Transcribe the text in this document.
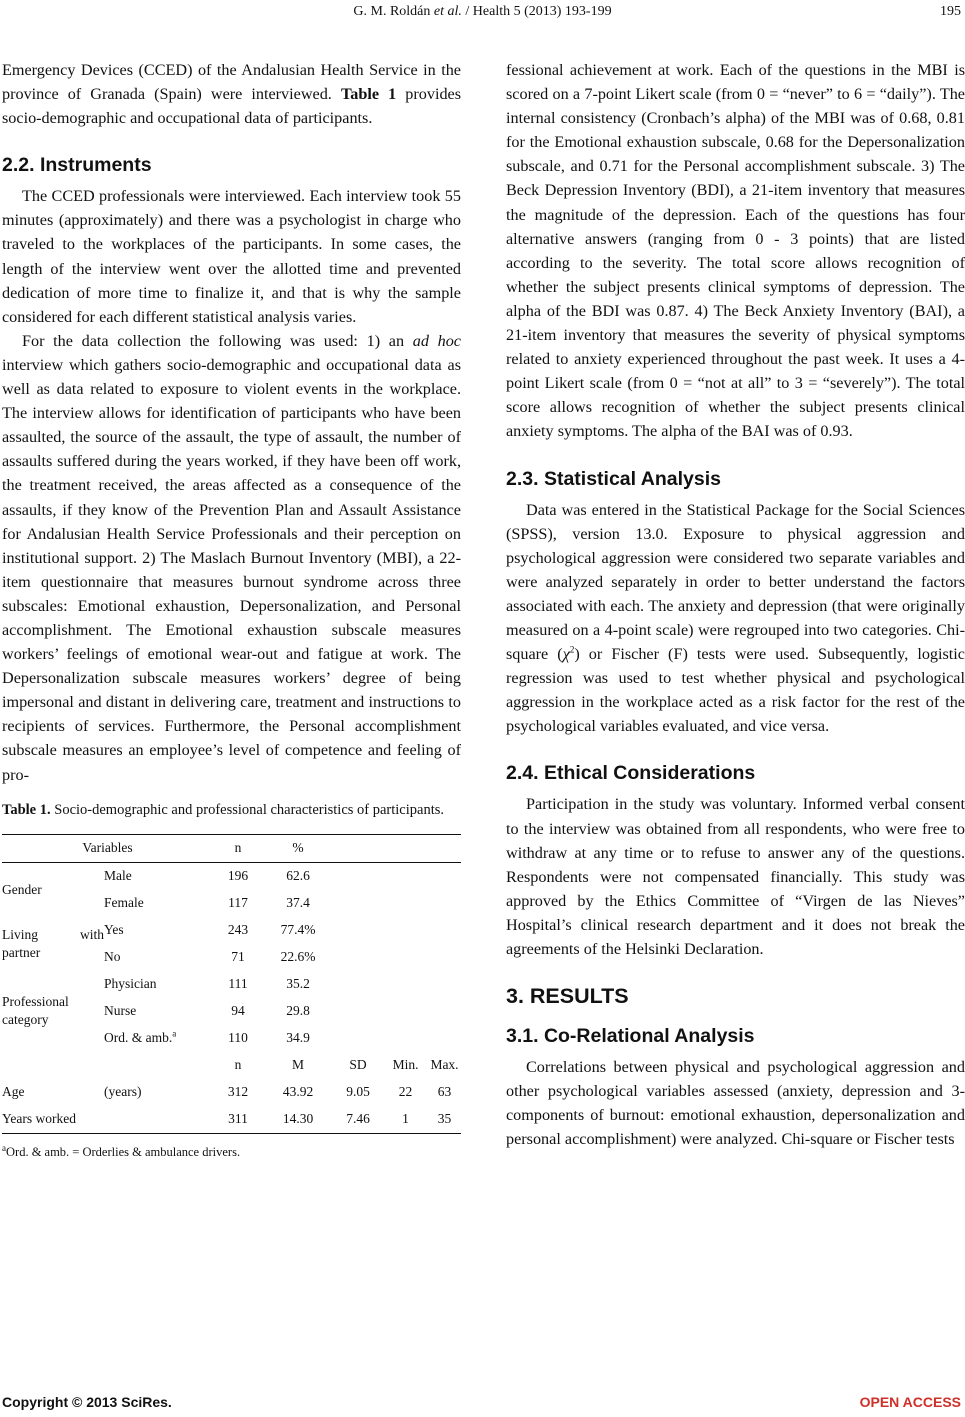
G. M. Roldán et al. / Health 5 (2013) 193-199	195

Emergency Devices (CCED) of the Andalusian Health Service in the province of Granada (Spain) were interviewed. Table 1 provides socio-demographic and occupational data of participants.

2.2. Instruments

The CCED professionals were interviewed. Each interview took 55 minutes (approximately) and there was a psychologist in charge who traveled to the workplaces of the participants. In some cases, the length of the interview went over the allotted time and prevented dedication of more time to finalize it, and that is why the sample considered for each different statistical analysis varies.

For the data collection the following was used: 1) an ad hoc interview which gathers socio-demographic and occupational data as well as data related to exposure to violent events in the workplace. The interview allows for identification of participants who have been assaulted, the source of the assault, the type of assault, the number of assaults suffered during the years worked, if they have been off work, the treatment received, the areas affected as a consequence of the assaults, if they know of the Prevention Plan and Assault Assistance for Andalusian Health Service Professionals and their perception on institutional support. 2) The Maslach Burnout Inventory (MBI), a 22-item questionnaire that measures burnout syndrome across three subscales: Emotional exhaustion, Depersonalization, and Personal accomplishment. The Emotional exhaustion subscale measures workers’ feelings of emotional wear-out and fatigue at work. The Depersonalization subscale measures workers’ degree of being impersonal and distant in delivering care, treatment and instructions to recipients of services. Furthermore, the Personal accomplishment subscale measures an employee’s level of competence and feeling of pro-

Table 1. Socio-demographic and professional characteristics of participants.
Variables		n	%			
Gender	Male	196	62.6			
	Female	117	37.4			
Living with partner	Yes	243	77.4%			
	No	71	22.6%			
Professional category	Physician	111	35.2			
	Nurse	94	29.8			
	Ord. & amb.$^a$	110	34.9			
		n	M	SD	Min.	Max.
Age	(years)	312	43.92	9.05	22	63
Years worked		311	14.30	7.46	1	35
$^a$Ord. & amb. = Orderlies & ambulance drivers.

fessional achievement at work. Each of the questions in the MBI is scored on a 7-point Likert scale (from 0 = “never” to 6 = “daily”). The internal consistency (Cronbach’s alpha) of the MBI was of 0.68, 0.81 for the Emotional exhaustion subscale, 0.68 for the Depersonalization subscale, and 0.71 for the Personal accomplishment subscale. 3) The Beck Depression Inventory (BDI), a 21-item inventory that measures the magnitude of the depression. Each of the questions has four alternative answers (ranging from 0 - 3 points) that are listed according to the severity. The total score allows recognition of whether the subject presents clinical symptoms of depression. The alpha of the BDI was 0.87. 4) The Beck Anxiety Inventory (BAI), a 21-item inventory that measures the severity of physical symptoms related to anxiety experienced throughout the past week. It uses a 4-point Likert scale (from 0 = “not at all” to 3 = “severely”). The total score allows recognition of whether the subject presents clinical anxiety symptoms. The alpha of the BAI was of 0.93.

2.3. Statistical Analysis

Data was entered in the Statistical Package for the Social Sciences (SPSS), version 13.0. Exposure to physical aggression and psychological aggression were considered two separate variables and were analyzed separately in order to better understand the factors associated with each. The anxiety and depression (that were originally measured on a 4-point scale) were regrouped into two categories. Chi-square $(\chi^2)$ or Fischer (F) tests were used. Subsequently, logistic regression was used to test whether physical and psychological aggression in the workplace acted as a risk factor for the rest of the psychological variables evaluated, and vice versa.

2.4. Ethical Considerations

Participation in the study was voluntary. Informed verbal consent to the interview was obtained from all respondents, who were free to withdraw at any time or to refuse to answer any of the questions. Respondents were not compensated financially. This study was approved by the Ethics Committee of “Virgen de las Nieves” Hospital’s clinical research department and it does not break the agreements of the Helsinki Declaration.

3. RESULTS
3.1. Co-Relational Analysis

Correlations between physical and psychological aggression and other psychological variables assessed (anxiety, depression and 3-components of burnout: emotional exhaustion, depersonalization and personal accomplishment) were analyzed. Chi-square or Fischer tests

Copyright © 2013 SciRes.	OPEN ACCESS
